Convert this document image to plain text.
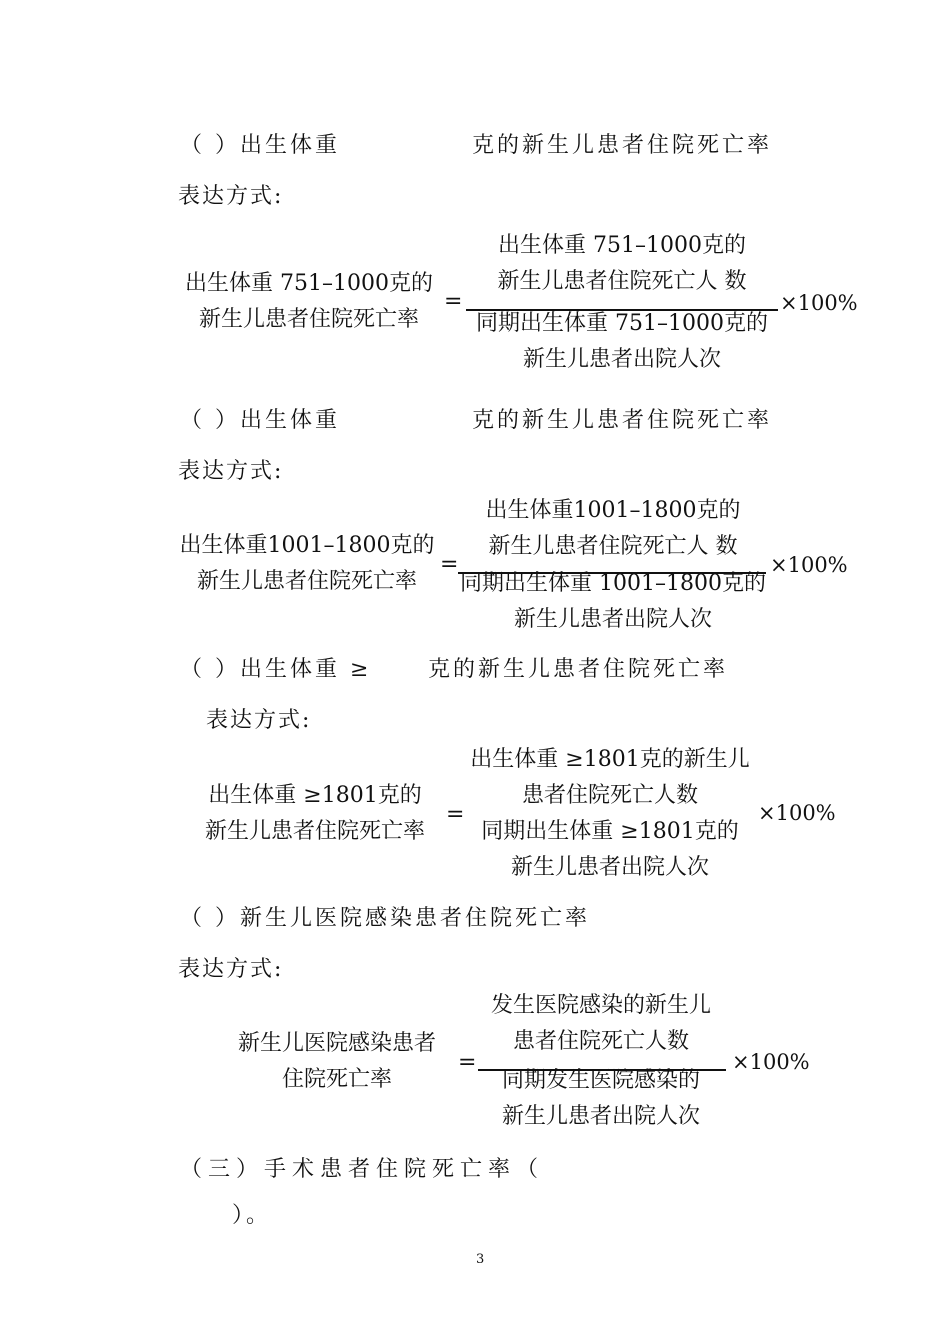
（ ）出生体重	克的新生儿患者住院死亡率
表达方式:
出生体重 751–1000克的
新生儿患者住院死亡率
=
出生体重 751–1000克的
新生儿患者住院死亡人 数
同期出生体重 751–1000克的
新生儿患者出院人次
×100%
（ ）出生体重	克的新生儿患者住院死亡率
表达方式:
出生体重1001–1800克的
新生儿患者住院死亡率
=
出生体重1001–1800克的
新生儿患者住院死亡人 数
同期出生体重 1001–1800克的
新生儿患者出院人次
×100%
（ ）出生体重 ≥	克的新生儿患者住院死亡率
表达方式:
出生体重 ≥1801克的
新生儿患者住院死亡率
=
出生体重 ≥1801克的新生儿
患者住院死亡人数
同期出生体重 ≥1801克的
新生儿患者出院人次
×100%
（ ）新生儿医院感染患者住院死亡率
表达方式:
新生儿医院感染患者
住院死亡率
=
发生医院感染的新生儿
患者住院死亡人数
同期发生医院感染的
新生儿患者出院人次
×100%
（三）手术患者住院死亡率（
）。
3
